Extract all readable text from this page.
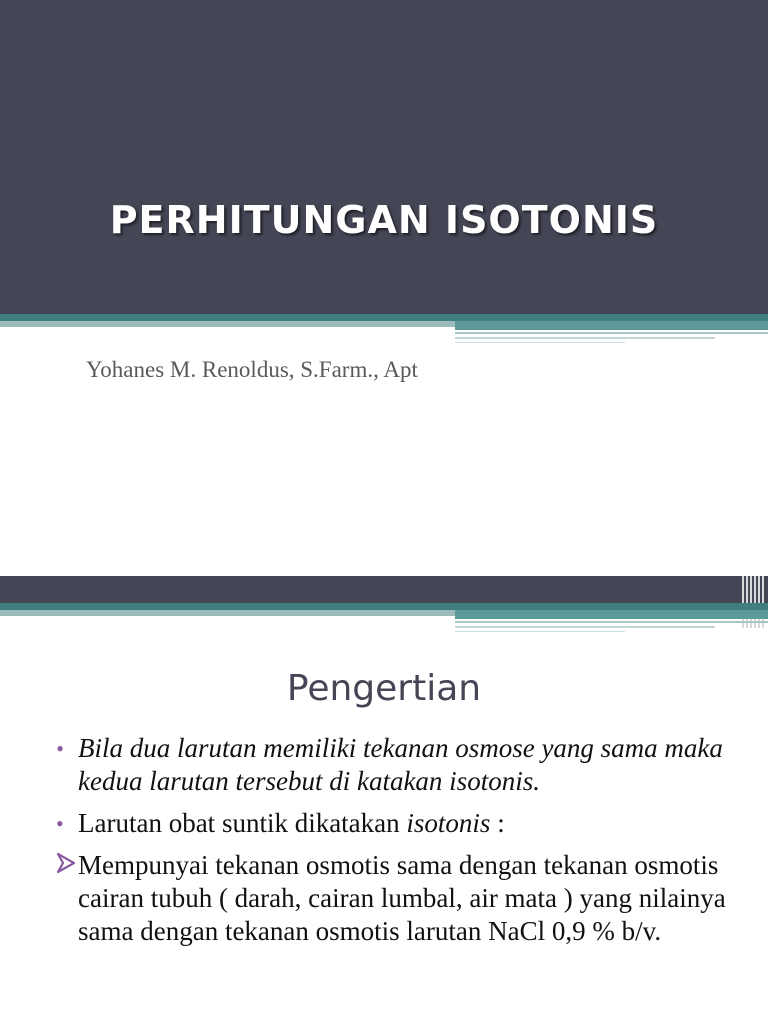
PERHITUNGAN ISOTONIS
Yohanes M. Renoldus, S.Farm., Apt
Pengertian
• Bila dua larutan memiliki tekanan osmose yang sama maka kedua larutan tersebut di katakan isotonis.
• Larutan obat suntik dikatakan isotonis :
Mempunyai tekanan osmotis sama dengan tekanan osmotis cairan tubuh ( darah, cairan lumbal, air mata ) yang nilainya sama dengan tekanan osmotis larutan NaCl 0,9 % b/v.
